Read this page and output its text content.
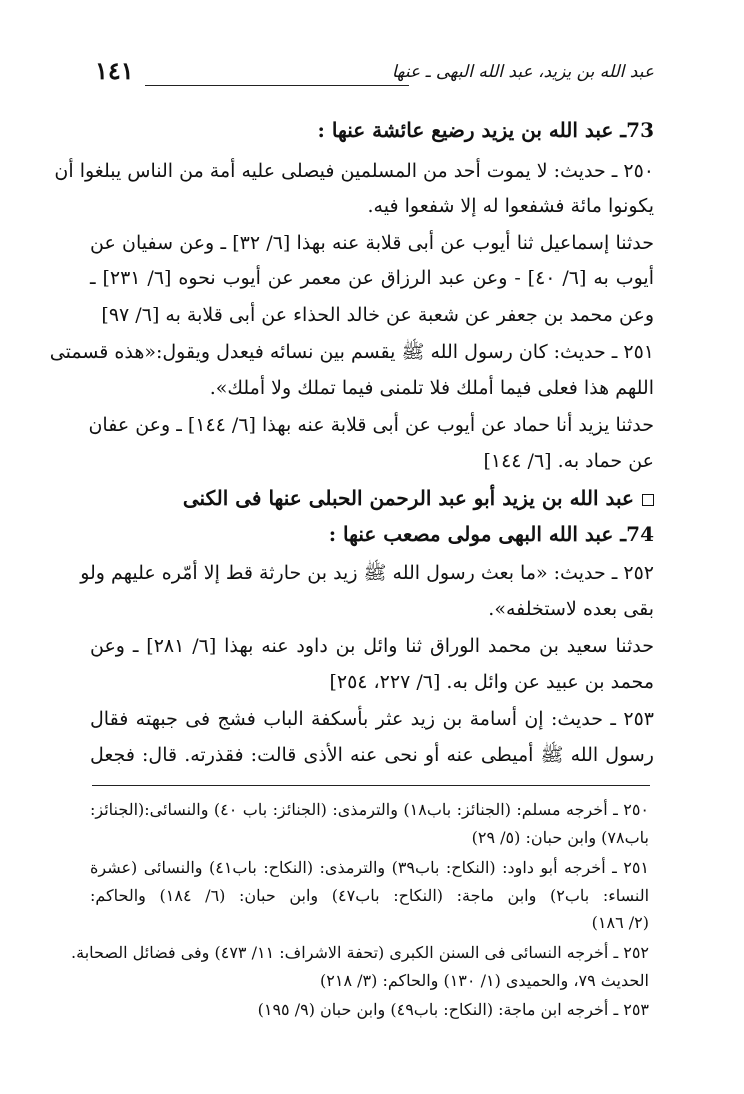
عبد الله بن يزيد، عبد الله البهى ـ عنها
١٤١
73ـ عبد الله بن يزيد رضيع عائشة عنها :
٢٥٠ ـ حديث: لا يموت أحد من المسلمين فيصلى عليه أمة من الناس يبلغوا أن
يكونوا مائة فشفعوا له إلا شفعوا فيه.
حدثنا إسماعيل ثنا أيوب عن أبى قلابة عنه بهذا [٦/ ٣٢] ـ وعن سفيان عن
أيوب به [٦/ ٤٠] - وعن عبد الرزاق عن معمر عن أيوب نحوه [٦/ ٢٣١] ـ
وعن محمد بن جعفر عن شعبة عن خالد الحذاء عن أبى قلابة به [٦/ ٩٧]
٢٥١ ـ حديث: كان رسول الله ﷺ يقسم بين نسائه فيعدل ويقول:«هذه قسمتى
اللهم هذا فعلى فيما أملك فلا تلمنى فيما تملك ولا أملك».
حدثنا يزيد أنا حماد عن أيوب عن أبى قلابة عنه بهذا [٦/ ١٤٤] ـ وعن عفان
عن حماد به. [٦/ ١٤٤]
عبد الله بن يزيد أبو عبد الرحمن الحبلى عنها فى الكنى
74ـ عبد الله البهى مولى مصعب عنها :
٢٥٢ ـ حديث: «ما بعث رسول الله ﷺ زيد بن حارثة قط إلا أمّره عليهم ولو
بقى بعده لاستخلفه».
حدثنا سعيد بن محمد الوراق ثنا وائل بن داود عنه بهذا [٦/ ٢٨١] ـ وعن
محمد بن عبيد عن وائل به. [٦/ ٢٢٧، ٢٥٤]
٢٥٣ ـ حديث: إن أسامة بن زيد عثر بأسكفة الباب فشج فى جبهته فقال
رسول الله ﷺ أميطى عنه أو نحى عنه الأذى قالت: فقذرته. قال: فجعل
٢٥٠ ـ أخرجه مسلم: (الجنائز: باب١٨) والترمذى: (الجنائز: باب ٤٠) والنسائى:(الجنائز:
باب٧٨) وابن حبان: (٥/ ٢٩)
٢٥١ ـ أخرجه أبو داود: (النكاح: باب٣٩) والترمذى: (النكاح: باب٤١) والنسائى (عشرة
النساء: باب٢) وابن ماجة: (النكاح: باب٤٧) وابن حبان: (٦/ ١٨٤) والحاكم:
(٢/ ١٨٦)
٢٥٢ ـ أخرجه النسائى فى السنن الكبرى (تحفة الاشراف: ١١/ ٤٧٣) وفى فضائل الصحابة.
الحديث ٧٩، والحميدى (١/ ١٣٠) والحاكم: (٣/ ٢١٨)
٢٥٣ ـ أخرجه ابن ماجة: (النكاح: باب٤٩) وابن حبان (٩/ ١٩٥)
